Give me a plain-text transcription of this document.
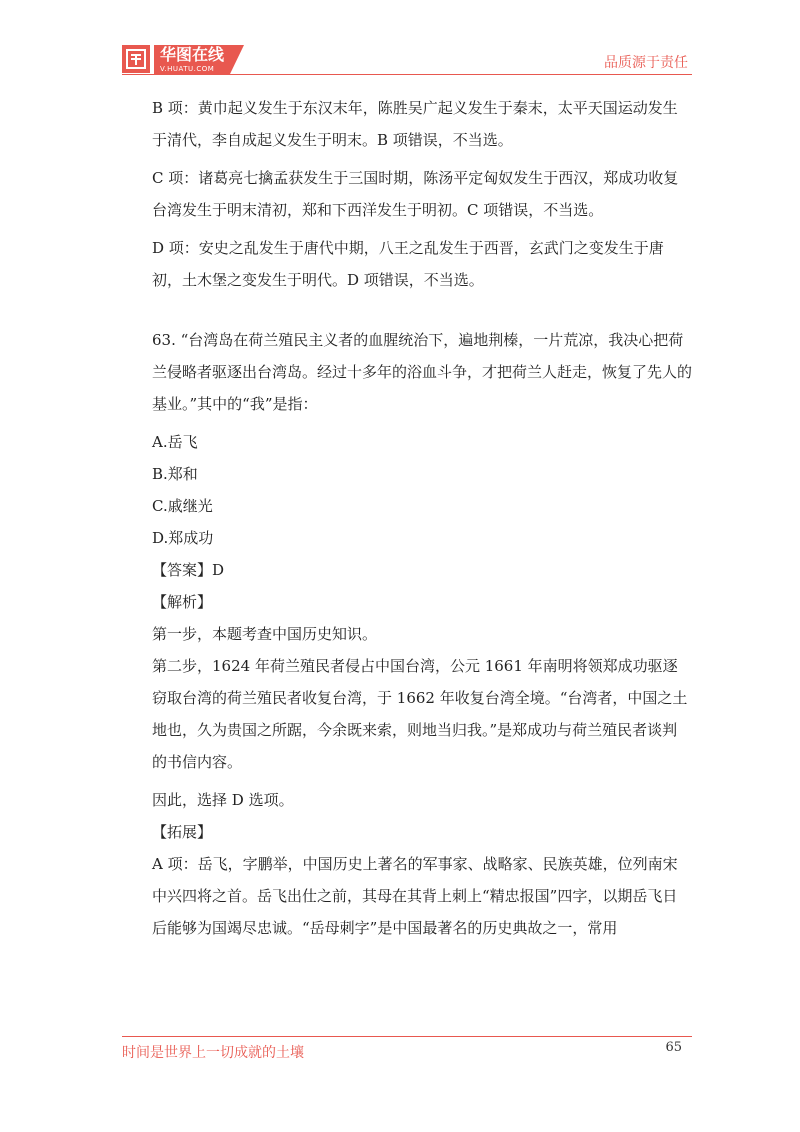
华图在线
V.HUATU.COM	品质源于责任

B 项：黄巾起义发生于东汉末年，陈胜吴广起义发生于秦末，太平天国运动发生于清代，李自成起义发生于明末。B 项错误，不当选。

C 项：诸葛亮七擒孟获发生于三国时期，陈汤平定匈奴发生于西汉，郑成功收复台湾发生于明末清初，郑和下西洋发生于明初。C 项错误，不当选。

D 项：安史之乱发生于唐代中期，八王之乱发生于西晋，玄武门之变发生于唐初，土木堡之变发生于明代。D 项错误，不当选。

63. “台湾岛在荷兰殖民主义者的血腥统治下，遍地荆榛，一片荒凉，我决心把荷兰侵略者驱逐出台湾岛。经过十多年的浴血斗争，才把荷兰人赶走，恢复了先人的基业。”其中的“我”是指：

A.岳飞

B.郑和

C.戚继光

D.郑成功

【答案】D

【解析】

第一步，本题考查中国历史知识。

第二步，1624 年荷兰殖民者侵占中国台湾，公元 1661 年南明将领郑成功驱逐窃取台湾的荷兰殖民者收复台湾，于 1662 年收复台湾全境。“台湾者，中国之土地也，久为贵国之所踞，今余既来索，则地当归我。”是郑成功与荷兰殖民者谈判的书信内容。

因此，选择 D 选项。

【拓展】

A 项：岳飞，字鹏举，中国历史上著名的军事家、战略家、民族英雄，位列南宋中兴四将之首。岳飞出仕之前，其母在其背上刺上“精忠报国”四字，以期岳飞日后能够为国竭尽忠诚。“岳母刺字”是中国最著名的历史典故之一，常用

时间是世界上一切成就的土壤	65
